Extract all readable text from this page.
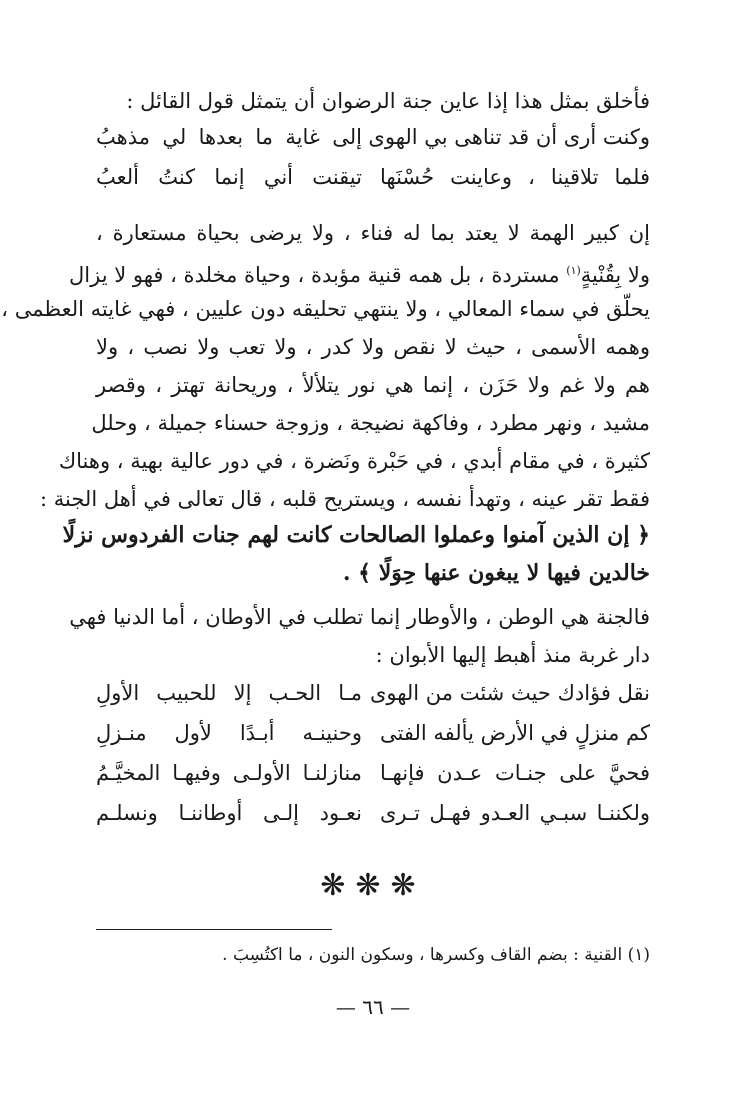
فأخلق بمثل هذا إذا عاين جنة الرضوان أن يتمثل قول القائل :
وكنت أرى أن قد تناهى بي الهوى
إلى غاية ما بعدها لي مذهبُ
فلما تلاقينا ، وعاينت حُسْنَها
تيقنت أني إنما كنتُ ألعبُ
إن كبير الهمة لا يعتد بما له فناء ، ولا يرضى بحياة مستعارة ،
ولا بِقُنْيةٍ$^{(١)}$ مستردة ، بل همه قنية مؤبدة ، وحياة مخلدة ، فهو لا يزال
يحلّق في سماء المعالي ، ولا ينتهي تحليقه دون عليين ، فهي غايته العظمى ،
وهمه الأسمى ، حيث لا نقص ولا كدر ، ولا تعب ولا نصب ، ولا
هم ولا غم ولا حَزَن ، إنما هي نور يتلألأ ، وريحانة تهتز ، وقصر
مشيد ، ونهر مطرد ، وفاكهة نضيجة ، وزوجة حسناء جميلة ، وحلل
كثيرة ، في مقام أبدي ، في حَبْرة ونَضرة ، في دور عالية بهية ، وهناك
فقط تقر عينه ، وتهدأ نفسه ، ويستريح قلبه ، قال تعالى في أهل الجنة :
﴿ إن الذين آمنوا وعملوا الصالحات كانت لهم جنات الفردوس نزلًا
خالدين فيها لا يبغون عنها حِوَلًا ﴾ .
فالجنة هي الوطن ، والأوطار إنما تطلب في الأوطان ، أما الدنيا فهي
دار غربة منذ أهبط إليها الأبوان :
نقل فؤادك حيث شئت من الهوى
مـا الحـب إلا للحبيب الأولِ
كم منزلٍ في الأرض يألفه الفتى
وحنينـه أبـدًا لأول منـزلِ
فحيَّ على جنـات عـدن فإنهـا
منازلنـا الأولـى وفيهـا المخيَّـمُ
ولكننـا سبـي العـدو فهـل تـرى
نعـود إلـى أوطاننـا ونسلـم
❋❋❋
(١) القنية : بضم القاف وكسرها ، وسكون النون ، ما اكتُسِبَ .
— ٦٦ —
